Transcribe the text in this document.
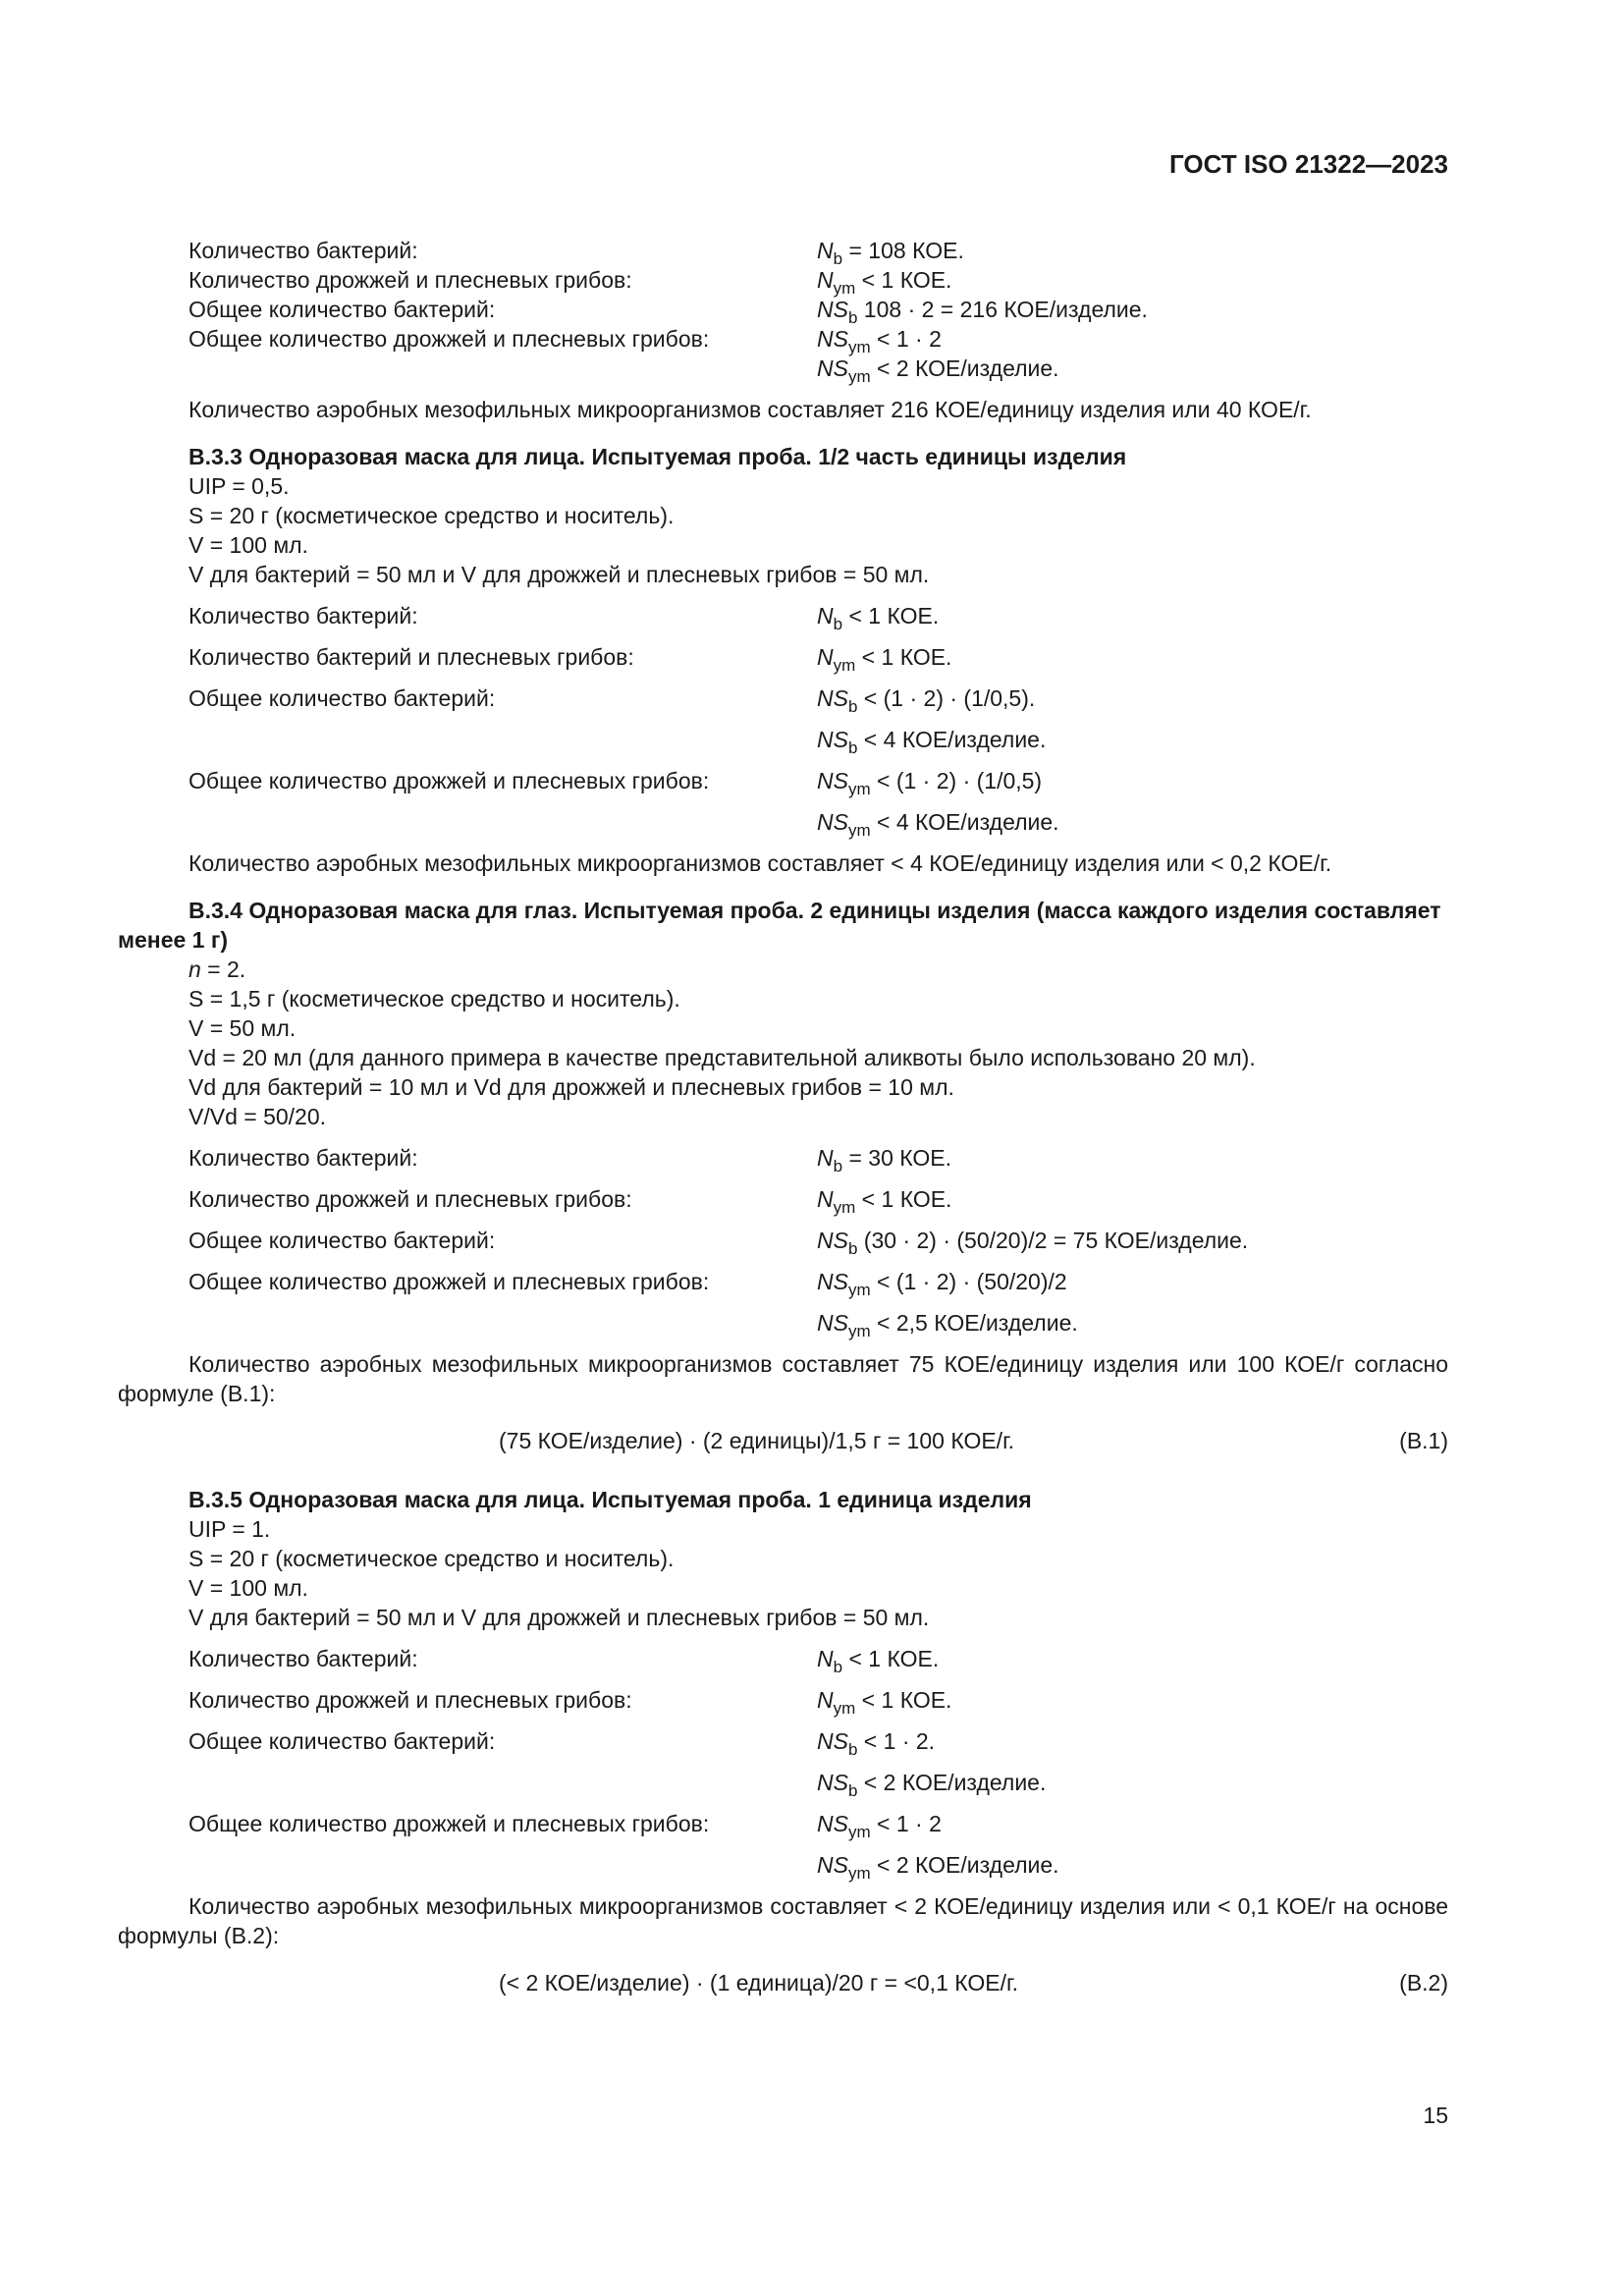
ГОСТ ISO 21322—2023
Количество бактерий:	$N_b = 108$ КОЕ.
Количество дрожжей и плесневых грибов:	$N_{ym} < 1$ КОЕ.
Общее количество бактерий:	$NS_b$ 108 · 2 = 216 КОЕ/изделие.
Общее количество дрожжей и плесневых грибов:	$NS_{ym} < 1 \cdot 2$
$NS_{ym} < 2$ КОЕ/изделие.

Количество аэробных мезофильных микроорганизмов составляет 216 КОЕ/единицу изделия или 40 КОЕ/г.

В.3.3 Одноразовая маска для лица. Испытуемая проба. 1/2 часть единицы изделия

UIP = 0,5.
S = 20 г (косметическое средство и носитель).
V = 100 мл.
V для бактерий = 50 мл и V для дрожжей и плесневых грибов = 50 мл.
Количество бактерий:	$N_b < 1$ КОЕ.
Количество бактерий и плесневых грибов:	$N_{ym} < 1$ КОЕ.
Общее количество бактерий:	$NS_b < (1 \cdot 2) \cdot (1/0,5)$.
$NS_b < 4$ КОЕ/изделие.
Общее количество дрожжей и плесневых грибов:	$NS_{ym} < (1 \cdot 2) \cdot (1/0,5)$
$NS_{ym} < 4$ КОЕ/изделие.

Количество аэробных мезофильных микроорганизмов составляет < 4 КОЕ/единицу изделия или < 0,2 КОЕ/г.

В.3.4 Одноразовая маска для глаз. Испытуемая проба. 2 единицы изделия (масса каждого изделия составляет менее 1 г)

n = 2.
S = 1,5 г (косметическое средство и носитель).
V = 50 мл.
Vd = 20 мл (для данного примера в качестве представительной аликвоты было использовано 20 мл).
Vd для бактерий = 10 мл и Vd для дрожжей и плесневых грибов = 10 мл.
V/Vd = 50/20.
Количество бактерий:	$N_b = 30$ КОЕ.
Количество дрожжей и плесневых грибов:	$N_{ym} < 1$ КОЕ.
Общее количество бактерий:	$NS_b$ (30 · 2) · (50/20)/2 = 75 КОЕ/изделие.
Общее количество дрожжей и плесневых грибов:	$NS_{ym} < (1 \cdot 2) \cdot (50/20)/2$
$NS_{ym} < 2,5$ КОЕ/изделие.

Количество аэробных мезофильных микроорганизмов составляет 75 КОЕ/единицу изделия или 100 КОЕ/г согласно формуле (В.1):

(75 КОЕ/изделие) · (2 единицы)/1,5 г = 100 КОЕ/г.	(В.1)

В.3.5 Одноразовая маска для лица. Испытуемая проба. 1 единица изделия

UIP = 1.
S = 20 г (косметическое средство и носитель).
V = 100 мл.
V для бактерий = 50 мл и V для дрожжей и плесневых грибов = 50 мл.
Количество бактерий:	$N_b < 1$ КОЕ.
Количество дрожжей и плесневых грибов:	$N_{ym} < 1$ КОЕ.
Общее количество бактерий:	$NS_b < 1 \cdot 2$.
$NS_b < 2$ КОЕ/изделие.
Общее количество дрожжей и плесневых грибов:	$NS_{ym} < 1 \cdot 2$
$NS_{ym} < 2$ КОЕ/изделие.

Количество аэробных мезофильных микроорганизмов составляет < 2 КОЕ/единицу изделия или < 0,1 КОЕ/г на основе формулы (В.2):

(< 2 КОЕ/изделие) · (1 единица)/20 г = <0,1 КОЕ/г.	(В.2)
15
